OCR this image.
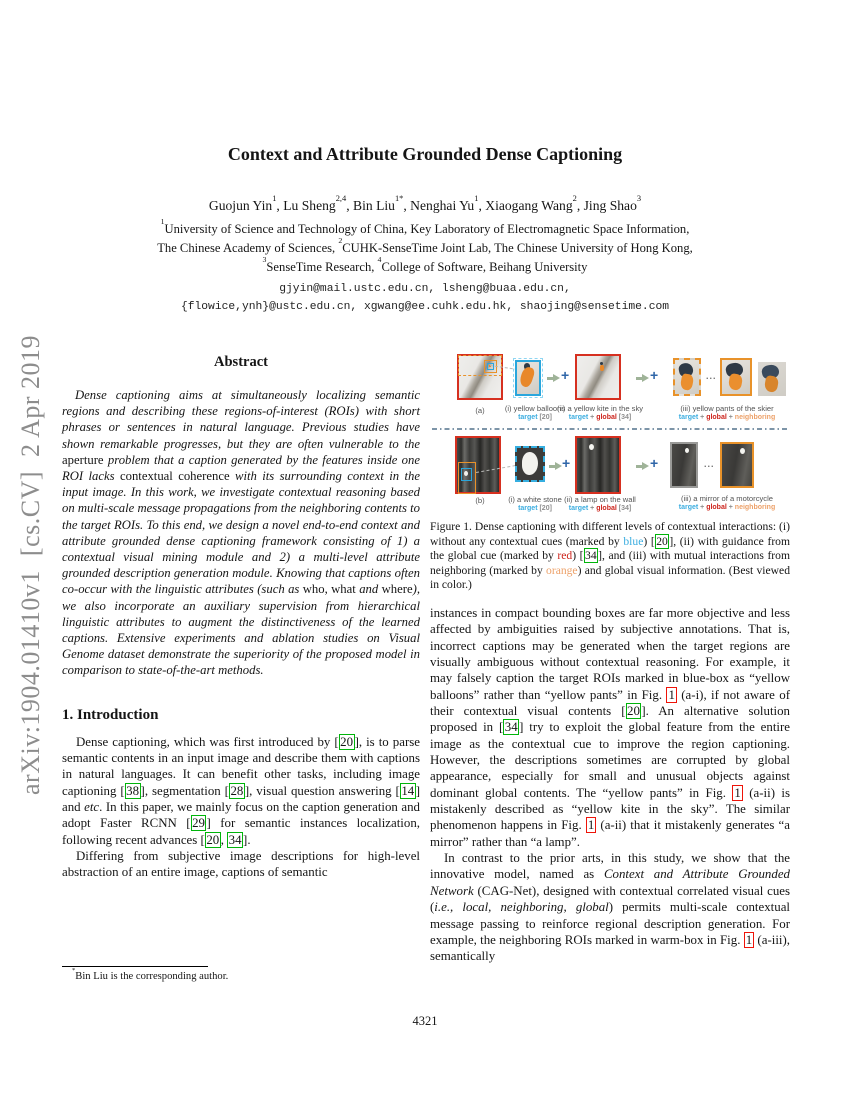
arXiv:1904.01410v1  [cs.CV]  2 Apr 2019
Context and Attribute Grounded Dense Captioning
Guojun Yin$^1$, Lu Sheng$^{2,4}$, Bin Liu$^{1*}$, Nenghai Yu$^1$, Xiaogang Wang$^2$, Jing Shao$^3$
$^1$University of Science and Technology of China, Key Laboratory of Electromagnetic Space Information,
The Chinese Academy of Sciences, $^2$CUHK-SenseTime Joint Lab, The Chinese University of Hong Kong,
$^3$SenseTime Research, $^4$College of Software, Beihang University
gjyin@mail.ustc.edu.cn, lsheng@buaa.edu.cn,
{flowice,ynh}@ustc.edu.cn, xgwang@ee.cuhk.edu.hk, shaojing@sensetime.com
Abstract

Dense captioning aims at simultaneously localizing semantic regions and describing these regions-of-interest (ROIs) with short phrases or sentences in natural language. Previous studies have shown remarkable progresses, but they are often vulnerable to the aperture problem that a caption generated by the features inside one ROI lacks contextual coherence with its surrounding context in the input image. In this work, we investigate contextual reasoning based on multi-scale message propagations from the neighboring contents to the target ROIs. To this end, we design a novel end-to-end context and attribute grounded dense captioning framework consisting of 1) a contextual visual mining module and 2) a multi-level attribute grounded description generation module. Knowing that captions often co-occur with the linguistic attributes (such as who, what and where), we also incorporate an auxiliary supervision from hierarchical linguistic attributes to augment the distinctiveness of the learned captions. Extensive experiments and ablation studies on Visual Genome dataset demonstrate the superiority of the proposed model in comparison to state-of-the-art methods.

1. Introduction

Dense captioning, which was first introduced by [ 20 ], is to parse semantic contents in an input image and describe them with captions in natural languages. It can benefit other tasks, including image captioning [ 38 ], segmentation [ 28 ], visual question answering [ 14 ] and etc. In this paper, we mainly focus on the caption generation and adopt Faster RCNN [ 29 ] for semantic instances localization, following recent advances [ 20 , 34 ].

Differing from subjective image descriptions for high-level abstraction of an entire image, captions of semantic

*Bin Liu is the corresponding author.
+	+	...
(a)	(i) yellow balloons
target [20]
(ii) a yellow kite in the sky
target + global [34]
(iii) yellow pants of the skier
target + global + neighboring
+	+	...
(b)	(i) a white stone
target [20]
(ii) a lamp on the wall
target + global [34]
(iii) a mirror of a motorcycle
target + global + neighboring

Figure 1. Dense captioning with different levels of contextual interactions: (i) without any contextual cues (marked by blue) [ 20 ], (ii) with guidance from the global cue (marked by red) [ 34 ], and (iii) with mutual interactions from neighboring (marked by orange) and global visual information. (Best viewed in color.)

instances in compact bounding boxes are far more objective and less affected by ambiguities raised by subjective annotations. That is, incorrect captions may be generated when the target regions are visually ambiguous without contextual reasoning. For example, it may falsely caption the target ROIs marked in blue-box as “yellow balloons” rather than “yellow pants” in Fig. 1 (a-i), if not aware of their contextual visual contents [ 20 ]. An alternative solution proposed in [ 34 ] try to exploit the global feature from the entire image as the contextual cue to improve the region captioning. However, the descriptions sometimes are corrupted by global appearance, especially for small and unusual objects against dominant global contents. The “yellow pants” in Fig. 1 (a-ii) is mistakenly described as “yellow kite in the sky”. The similar phenomenon happens in Fig. 1 (a-ii) that it mistakenly generates “a mirror” rather than “a lamp”.

In contrast to the prior arts, in this study, we show that the innovative model, named as Context and Attribute Grounded Network (CAG-Net), designed with contextual correlated visual cues (i.e., local, neighboring, global) permits multi-scale contextual message passing to reinforce regional description generation. For example, the neighboring ROIs marked in warm-box in Fig. 1 (a-iii), semantically

4321
